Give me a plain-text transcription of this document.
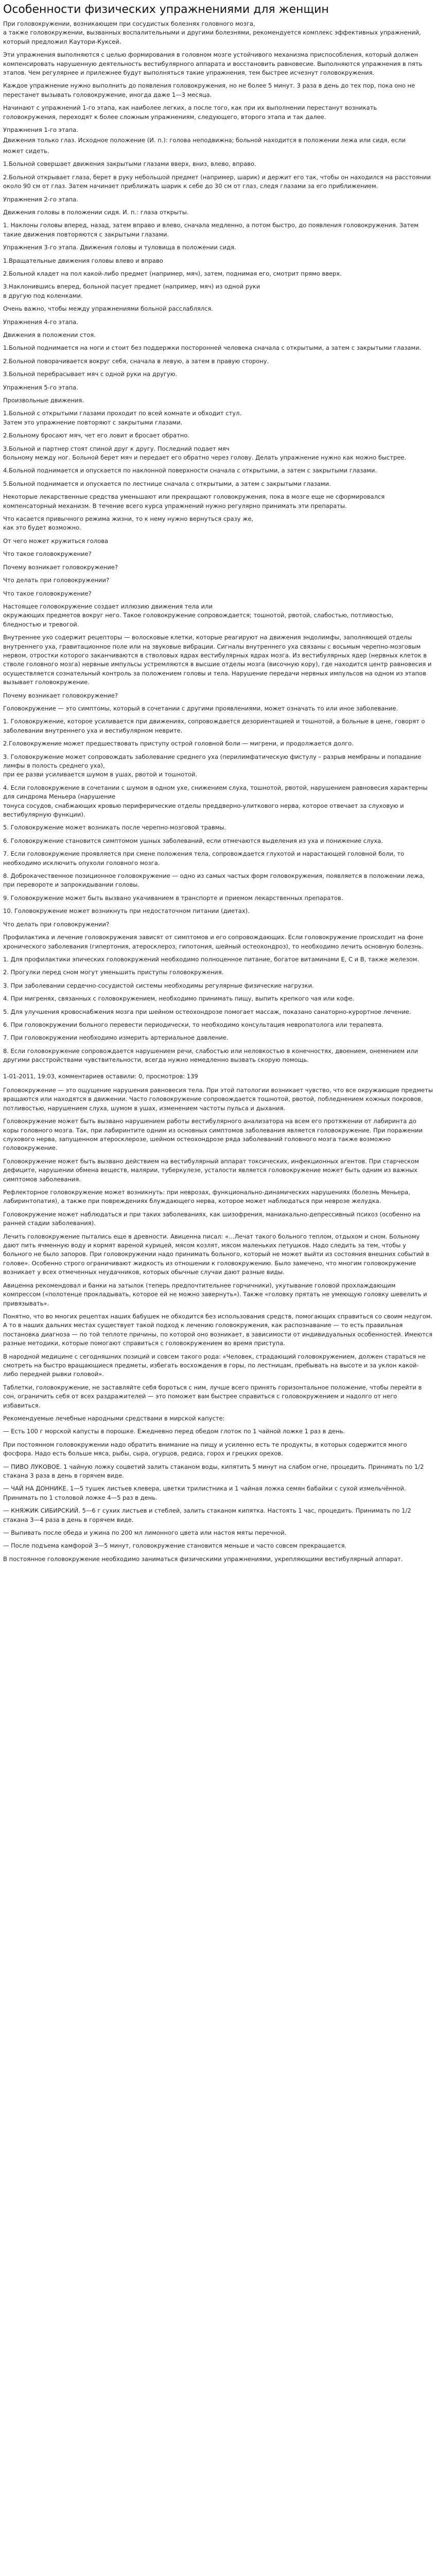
Особенности физических упражнениями для женщин
При головокружении, возникающем при сосудистых болезнях головного мозга,
а также головокружении, вызванных воспалительными и другими болезнями, рекомендуется комплекс эффективных упражнений, который предложил Каутори-Куксей.
Эти упражнения выполняются с целью формирования в головном мозге устойчивого механизма приспособления, который должен компенсировать нарушенную деятельность вестибулярного аппарата и восстановить равновесие. Выполняются упражнения в пять этапов. Чем регулярнее и прилежнее будут выполняться такие упражнения, тем быстрее исчезнут головокружения.
Каждое упражнение нужно выполнить до появления головокружения, но не более 5 минут. 3 раза в день до тех пор, пока оно не перестанет вызывать головокружение, иногда даже 1—3 месяца.
Начинают с упражнений 1-го этапа, как наиболее легких, а после того, как при их выполнении перестанут возникать головокружения, переходят к более сложным упражнениям, следующего, второго этапа и так далее.
Упражнения 1-го этапа.
Движения только глаз. Исходное положение (И. п.): голова неподвижна; больной находится в положении лежа или сидя, если
может сидеть.
1.Больной совершает движения закрытыми глазами вверх, вниз, влево, вправо.
2.Больной открывает глаза, берет в руку небольшой предмет (например, шарик) и держит его так, чтобы он находился на расстоянии около 90 см от глаз. Затем начинает приближать шарик к себе до 30 см от глаз, следя глазами за его приближением.
Упражнения 2-го этапа.
Движения головы в положении сидя. И. п.: глаза открыты.
1. Наклоны головы вперед, назад, затем вправо и влево, сначала медленно, а потом быстро, до появления головокружения. Затем такие движения повторяются с закрытыми глазами.
Упражнения 3-го этапа. Движения головы и туловища в положении сидя.
1.Вращательные движения головы влево и вправо
2.Больной кладет на пол какой-либо предмет (например, мяч), затем, поднимая его, смотрит прямо вверх.
3.Наклонившись вперед, больной пасует предмет (например, мяч) из одной руки
в другую под коленками.
Очень важно, чтобы между упражнениями больной расслаблялся.
Упражнения 4-го этапа.
Движения в положении стоя.
1.Больной поднимается на ноги и стоит без поддержки посторонней человека сначала с открытыми, а затем с закрытыми глазами.
2.Больной поворачивается вокруг себя, сначала в левую, а затем в правую сторону.
3.Больной перебрасывает мяч с одной руки на другую.
Упражнения 5-го этапа.
Произвольные движения.
1.Больной с открытыми глазами проходит по всей комнате и обходит стул.
Затем это упражнение повторяют с закрытыми глазами.
2.Больному бросают мяч, чет его ловит и бросает обратно.
3.Больной и партнер стоят спиной друг к другу. Последний подает мяч
больному между ног. Больной берет мяч и передает его обратно через голову. Делать упражнение нужно как можно быстрее.
4.Больной поднимается и опускается по наклонной поверхности сначала с открытыми, а затем с закрытыми глазами.
5.Больной поднимается и опускается по лестнице сначала с открытыми, а затем с закрытыми глазами.
Некоторые лекарственные средства уменьшают или прекращают головокружения, пока в мозге еще не сформировался компенсаторный механизм. В течение всего курса упражнений нужно регулярно принимать эти препараты.
Что касается привычного режима жизни, то к нему нужно вернуться сразу же,
как это будет возможно.
От чего может кружиться голова
Что такое головокружение?
Почему возникает головокружение?
Что делать при головокружении?
Что такое головокружение?
Настоящее головокружение создает иллюзию движения тела или
окружающих предметов вокруг него. Такое головокружение сопровождается; тошнотой, рвотой, слабостью, потливостью, бледностью и тревогой.
Внутреннее ухо содержит рецепторы — волосковые клетки, которые реагируют на движения эндолимфы, заполняющей отделы внутреннего уха, гравитационное поле или на звуковые вибрации. Сигналы внутреннего уха связаны с восьмым черепно-мозговым нервом, отростки которого заканчиваются в стволовых ядрах вестибулярных ядрах мозга. Из вестибулярных ядер (нервных клеток в стволе головного мозга) нервные импульсы устремляются в высшие отделы мозга (височную кору), где находится центр равновесия и осуществляется сознательный контроль за положением головы и тела. Нарушение передачи нервных импульсов на одном из этапов вызывает головокружение.
Почему возникает головокружение?
Головокружение — это симптомы, который в сочетании с другими проявлениями, может означать то или иное заболевание.
1. Головокружение, которое усиливается при движениях, сопровождается дезориентацией и тошнотой, а больные в цене, говорят о заболевании внутреннего уха и вестибулярном неврите.
2.Головокружение может предшествовать приступу острой головной боли — мигрени, и продолжается долго.
3. Головокружение может сопровождать заболевание среднего уха (перилимфатическую фистулу – разрыв мембраны и попадание лимфы в полость среднего уха),
при ее разви усиливается шумом в ушах, рвотой и тошнотой.
4. Если головокружение в сочетании с шумом в одном ухе, снижением слуха, тошнотой, рвотой, нарушением равновесия характерны для синдрома Меньера (нарушение
тонуса сосудов, снабжающих кровью периферические отделы преддверно-улиткового нерва, которое отвечает за слуховую и вестибулярную функции).
5. Головокружение может возникать после черепно-мозговой травмы.
6. Головокружение становится симптомом ушных заболеваний, если отмечаются выделения из уха и понижение слуха.
7. Если головокружение проявляется при смене положения тела, сопровождается глухотой и нарастающей головной боли, то необходимо исключить опухоли головного мозга.
8. Доброкачественное позиционное головокружение — одно из самых частых форм головокружения, появляется в положении лежа, при перевороте и запрокидывании головы.
9. Головокружение может быть вызвано укачиванием в транспорте и приемом лекарственных препаратов.
10. Головокружение может возникнуть при недостаточном питании (диетах).
Что делать при головокружении?
Профилактика и лечение головокружения зависят от симптомов и его сопровождающих. Если головокружение происходит на фоне хронического заболевания (гипертония, атеросклероз, гипотония, шейный остеохондроз), то необходимо лечить основную болезнь.
1. Для профилактики эпических головокружений необходимо полноценное питание, богатое витаминами Е, С и В, также железом.
2. Прогулки перед сном могут уменьшить приступы головокружения.
3. При заболевании сердечно-сосудистой системы необходимы регулярные физические нагрузки.
4. При мигренях, связанных с головокружением, необходимо принимать пищу, выпить крепкого чая или кофе.
5. Для улучшения кровоснабжения мозга при шейном остеохондрозе помогает массаж, показано санаторно-курортное лечение.
6. При головокружении больного перевести периодически, то необходимо консультация невропатолога или терапевта.
7. При головокружении необходимо измерить артериальное давление.
8. Если головокружение сопровождается нарушением речи, слабостью или неловкостью в конечностях, двоением, онемением или другими расстройствами чувствительности, всегда нужно немедленно вызвать скорую помощь.
1-01-2011, 19:03, комментариев оставили: 0, просмотров: 139
Головокружение — это ощущение нарушения равновесия тела. При этой патологии возникает чувство, что все окружающие предметы вращаются или находятся в движении. Часто головокружение сопровождается тошнотой, рвотой, побледнением кожных покровов, потливостью, нарушением слуха, шумом в ушах, изменением частоты пульса и дыхания.
Головокружение может быть вызвано нарушением работы вестибулярного анализатора на всем его протяжении от лабиринта до коры головного мозга. Так, при лабиринтите одним из основных симптомов заболевания является головокружение. При поражении слухового нерва, запущенном атеросклерозе, шейном остеохондрозе ряда заболеваний головного мозга также возможно головокружение.
Головокружение может быть вызвано действием на вестибулярный аппарат токсических, инфекционных агентов. При старческом дефиците, нарушении обмена веществ, малярии, туберкулезе, усталости является головокружение может быть одним из важных симптомов заболевания.
Рефлекторное головокружение может возникнуть: при неврозах, функционально-динамических нарушениях (болезнь Меньера, лабиринтопатия), а также при повреждениях блуждающего нерва, которое может наблюдаться при неврозе желудка.
Головокружение может наблюдаться и при таких заболеваниях, как шизофрения, маниакально-депрессивный психоз (особенно на ранней стадии заболевания).
Лечить головокружение пытались еще в древности. Авиценна писал: «…Лечат такого больного теплом, отдыхом и сном. Больному дают пить ячменную воду и кормят вареной курицей, мясом козлят, мясом маленьких петушков. Надо следить за тем, чтобы у больного не было запоров. При головокружении надо принимать больного, который не может выйти из состояния внешних событий в голове». Особенно строго ограничивают жидкость из отношении к головокружению. Было замечено, что многим головокружение возникает у всех отмеченных неудачников, которых обычные случаи дают разные виды.
Авиценна рекомендовал и банки на затылок (теперь предпочтительнее горчичники), укутывание головой прохлаждающим компрессом («полотенце прокладывать, которое ей не можно завернуть»). Также «головку прятать не умеющую головку шевелить и привязывать».
Понятно, что во многих рецептах наших бабушек не обходится без использования средств, помогающих справиться со своим недугом. А то в наших дальних местах существует такой подход к лечению головокружения, как распознавание — то есть правильная постановка диагноза — по той теплоте причины, по которой оно возникает, в зависимости от индивидуальных особенностей. Имеются разные методики, которые помогают справиться с головокружением во время приступа.
В народной медицине с сегодняшних позиций и совсем такого рода: «Человек, страдающий головокружением, должен стараться не смотреть на быстро вращающиеся предметы, избегать восхождения в горы, по лестницам, пребывать на высоте и за уклон какой-либо передней рывки головой».
Таблетки, головокружение, не заставляйте себя бороться с ним, лучше всего принять горизонтальное положение, чтобы перейти в сон, ограничить себя от всех раздражителей — это поможет вам быстрее справиться с головокружением и надолго от него избавиться.
Рекомендуемые лечебные народными средствами в мирской капусте:
— Есть 100 г морской капусты в порошке. Ежедневно перед обедом глоток по 1 чайной ложке 1 раз в день.
При постоянном головокружении надо обратить внимание на пищу и усиленно есть те продукты, в которых содержится много фосфора. Надо есть больше мяса, рыбы, сыра, огурцов, редиса, горох и грецких орехов.
— ПИВО ЛУКОВОЕ. 1 чайную ложку соцветий залить стаканом воды, кипятить 5 минут на слабом огне, процедить. Принимать по 1/2 стакана 3 раза в день в горячем виде.
— ЧАЙ НА ДОННИКЕ. 1—5 тушек листьев клевера, цветки трилистника и 1 чайная ложка семян бабайки с сухой измельчённой. Принимать по 1 столовой ложке 4—5 раз в день.
— КНЯЖИК СИБИРСКИЙ. 5—6 г сухих листьев и стеблей, залить стаканом кипятка. Настоять 1 час, процедить. Принимать по 1/2 стакана 3—4 раза в день в горячем виде.
— Выпивать после обеда и ужина по 200 мл лимонного цвета или настоя мяты перечной.
— После подъема камфорой 3—5 минут, головокружение становится меньше и часто совсем прекращается.
В постоянное головокружение необходимо заниматься физическими упражнениями, укрепляющими вестибулярный аппарат.
